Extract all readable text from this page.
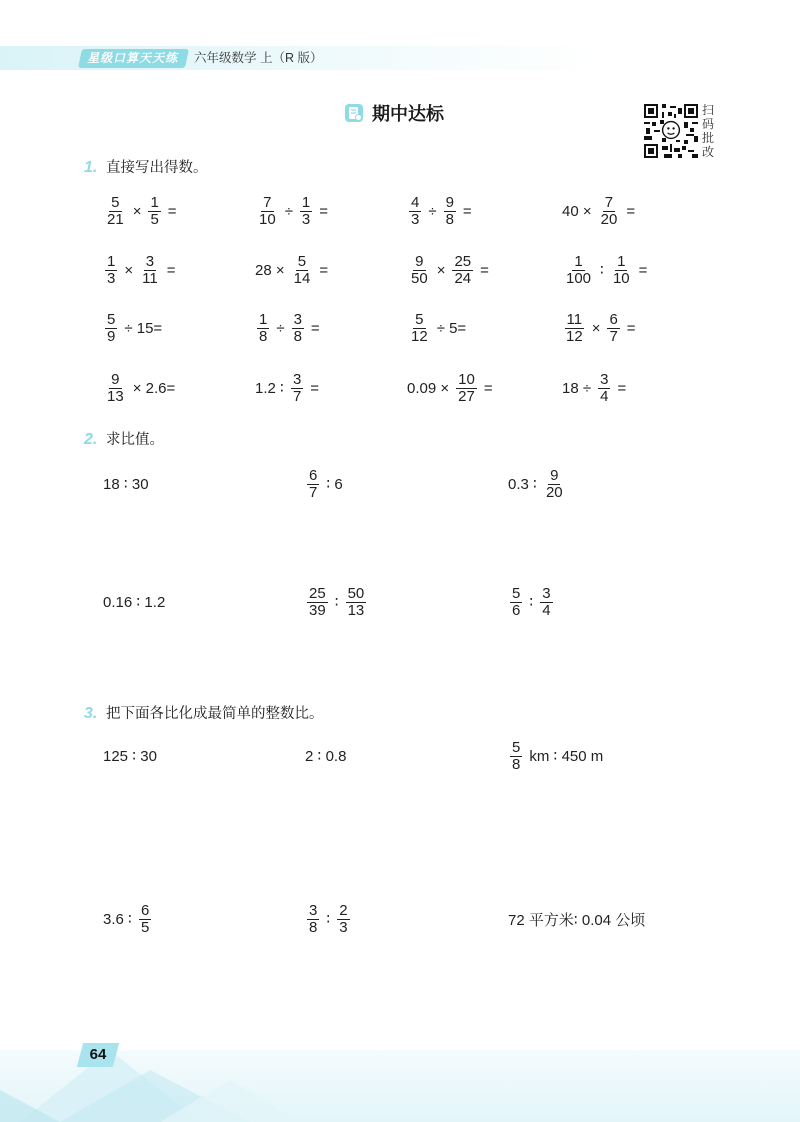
星级口算天天练	六年级数学 上（R 版）
期中达标	扫
码
批
改
1. 直接写出得数。
2. 求比值。
3. 把下面各比化成最简单的整数比。
$\frac{5}{21} \times \frac{1}{5}$ =	$\frac{7}{10} \div \frac{1}{3}$ =	$\frac{4}{3} \div \frac{9}{8}$ =	$40 \times \frac{7}{20}$ =
$\frac{1}{3} \times \frac{3}{11}$ =	$28 \times \frac{5}{14}$ =	$\frac{9}{50} \times \frac{25}{24}$ =	$\frac{1}{100}$ ∶ $\frac{1}{10}$ =
$\frac{5}{9} \div 15=$	$\frac{1}{8} \div \frac{3}{8}$ =	$\frac{5}{12} \div 5=$	$\frac{11}{12} \times \frac{6}{7}$ =
$\frac{9}{13} \times 2.6=$	1.2 ∶ $\frac{3}{7}$ =	$0.09 \times \frac{10}{27}$ =	$18 \div \frac{3}{4}$ =
18 ∶ 30	$\frac{6}{7}$ ∶ 6	0.3 ∶ $\frac{9}{20}$
0.16 ∶ 1.2	$\frac{25}{39}$ ∶ $\frac{50}{13}$	$\frac{5}{6}$ ∶ $\frac{3}{4}$
125 ∶ 30	2 ∶ 0.8	$\frac{5}{8}$ km ∶ 450 m
3.6 ∶ $\frac{6}{5}$	$\frac{3}{8}$ ∶ $\frac{2}{3}$	72 平方米∶ 0.04 公顷
64
